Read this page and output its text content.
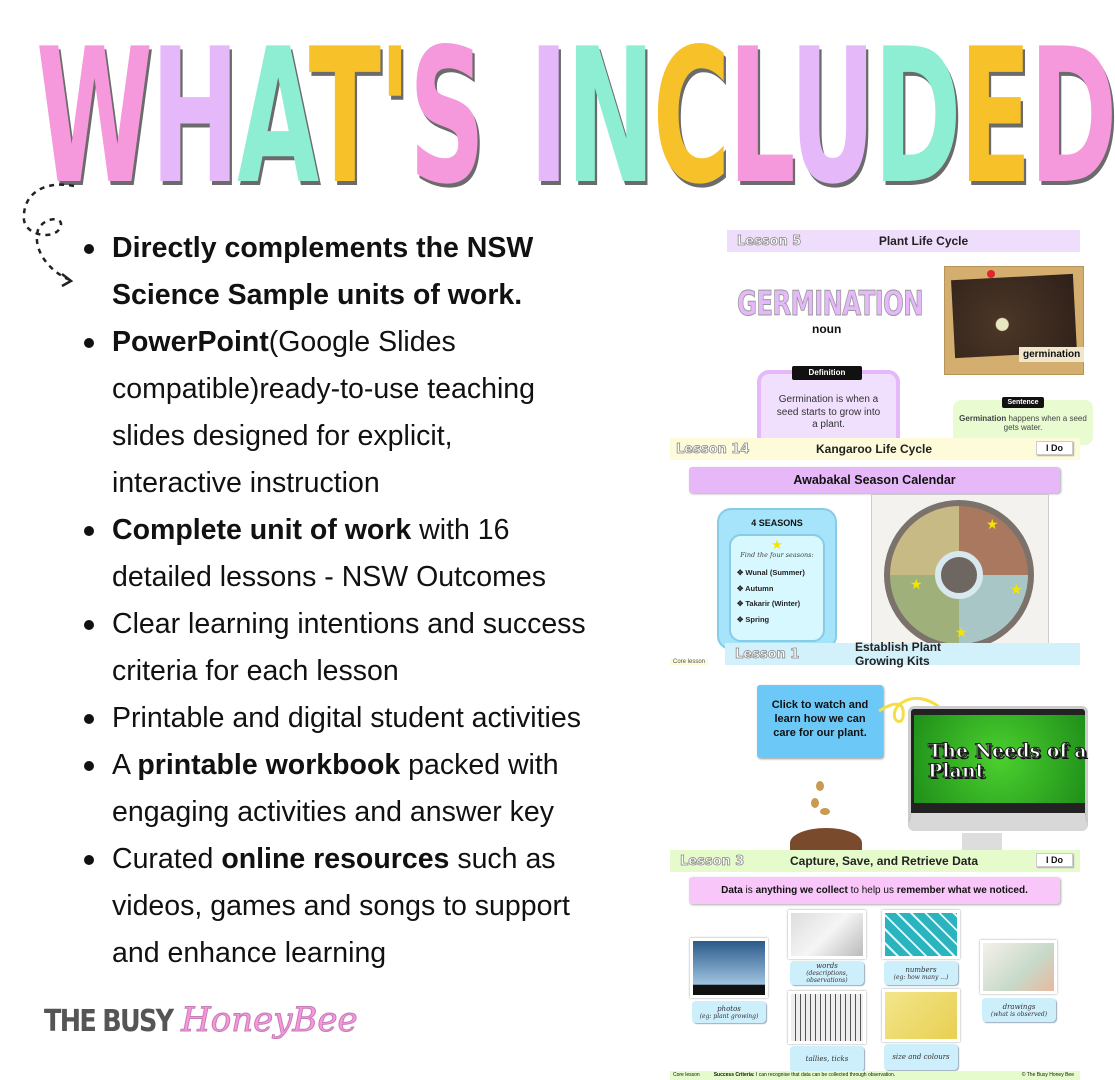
WHAT'S INCLUDED
Directly complements the NSW
Science Sample units of work.
PowerPoint(Google Slides
compatible)ready-to-use teaching
slides designed for explicit,
interactive instruction
Complete unit of work with 16
detailed lessons - NSW Outcomes
Clear learning intentions and success
criteria for each lesson
Printable and digital student activities
A printable workbook packed with
engaging activities and answer key
Curated online resources such as
videos, games and songs to support
and enhance learning
THE BUSY HoneyBee
Lesson 5	Plant Life Cycle
GERMINATION
noun
Germination is when a seed starts to grow into a plant.
Definition
germination
Germination happens when a seed gets water.
Sentence
Lesson 14	Kangaroo Life Cycle	I Do
Awabakal Season Calendar
4 SEASONS
★
Find the four seasons:
✥ Wunal (Summer)
✥ Autumn
✥ Takarir (Winter)
✥ Spring
★
★	★
★
Core lesson
Lesson 1	Establish Plant Growing Kits
Click to watch and learn how we can care for our plant.
The Needs of a Plant
Lesson 3	Capture, Save, and Retrieve Data	I Do
Data is anything we collect to help us remember what we noticed.
photos
(eg: plant growing)
words
(descriptions, observations)
numbers
(eg: how many ...)
drawings
(what is observed)
tallies, ticks	size and colours
Core lesson	Success Criteria: I can recognise that data can be collected through observation.	© The Busy Honey Bee
